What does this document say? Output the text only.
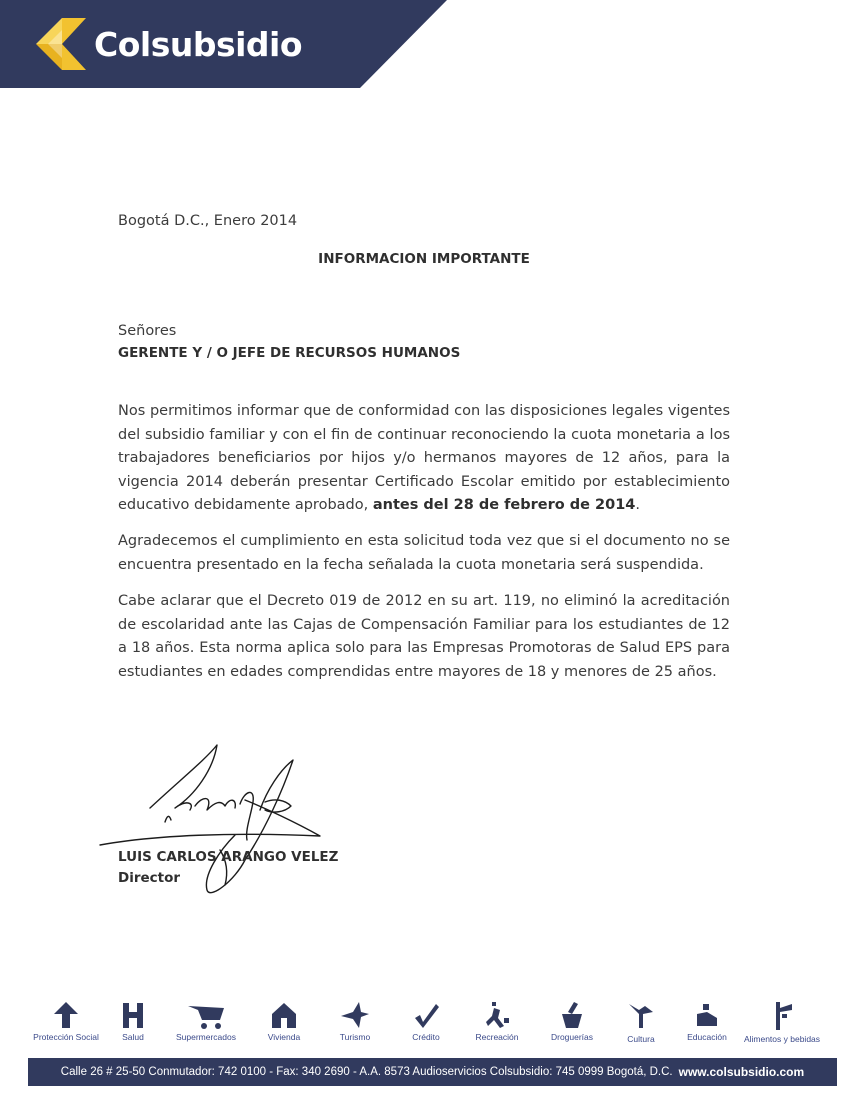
Colsubsidio
Bogotá D.C., Enero 2014
INFORMACION IMPORTANTE
Señores
GERENTE Y / O JEFE DE RECURSOS HUMANOS
Nos permitimos informar que de conformidad con las disposiciones legales vigentes del subsidio familiar y con el fin de continuar reconociendo la cuota monetaria a los trabajadores beneficiarios por hijos y/o hermanos mayores de 12 años, para la vigencia 2014 deberán presentar Certificado Escolar emitido por establecimiento educativo debidamente aprobado, antes del 28 de febrero de 2014.
Agradecemos el cumplimiento en esta solicitud toda vez que si el documento no se encuentra presentado en la fecha señalada la cuota monetaria será suspendida.
Cabe aclarar que el Decreto 019 de 2012 en su art. 119, no eliminó la acreditación de escolaridad ante las Cajas de Compensación Familiar para los estudiantes de 12 a 18 años. Esta norma aplica solo para las Empresas Promotoras de Salud EPS para estudiantes en edades comprendidas entre mayores de 18 y menores de 25 años.
LUIS CARLOS ARANGO VELEZ
Director
Protección Social	Salud	Supermercados	Vivienda	Turismo	Crédito	Recreación	Droguerías	Cultura	Educación	Alimentos y bebidas
Calle 26 # 25-50 Conmutador: 742 0100 - Fax: 340 2690 - A.A. 8573 Audioservicios Colsubsidio: 745 0999 Bogotá, D.C. www.colsubsidio.com
